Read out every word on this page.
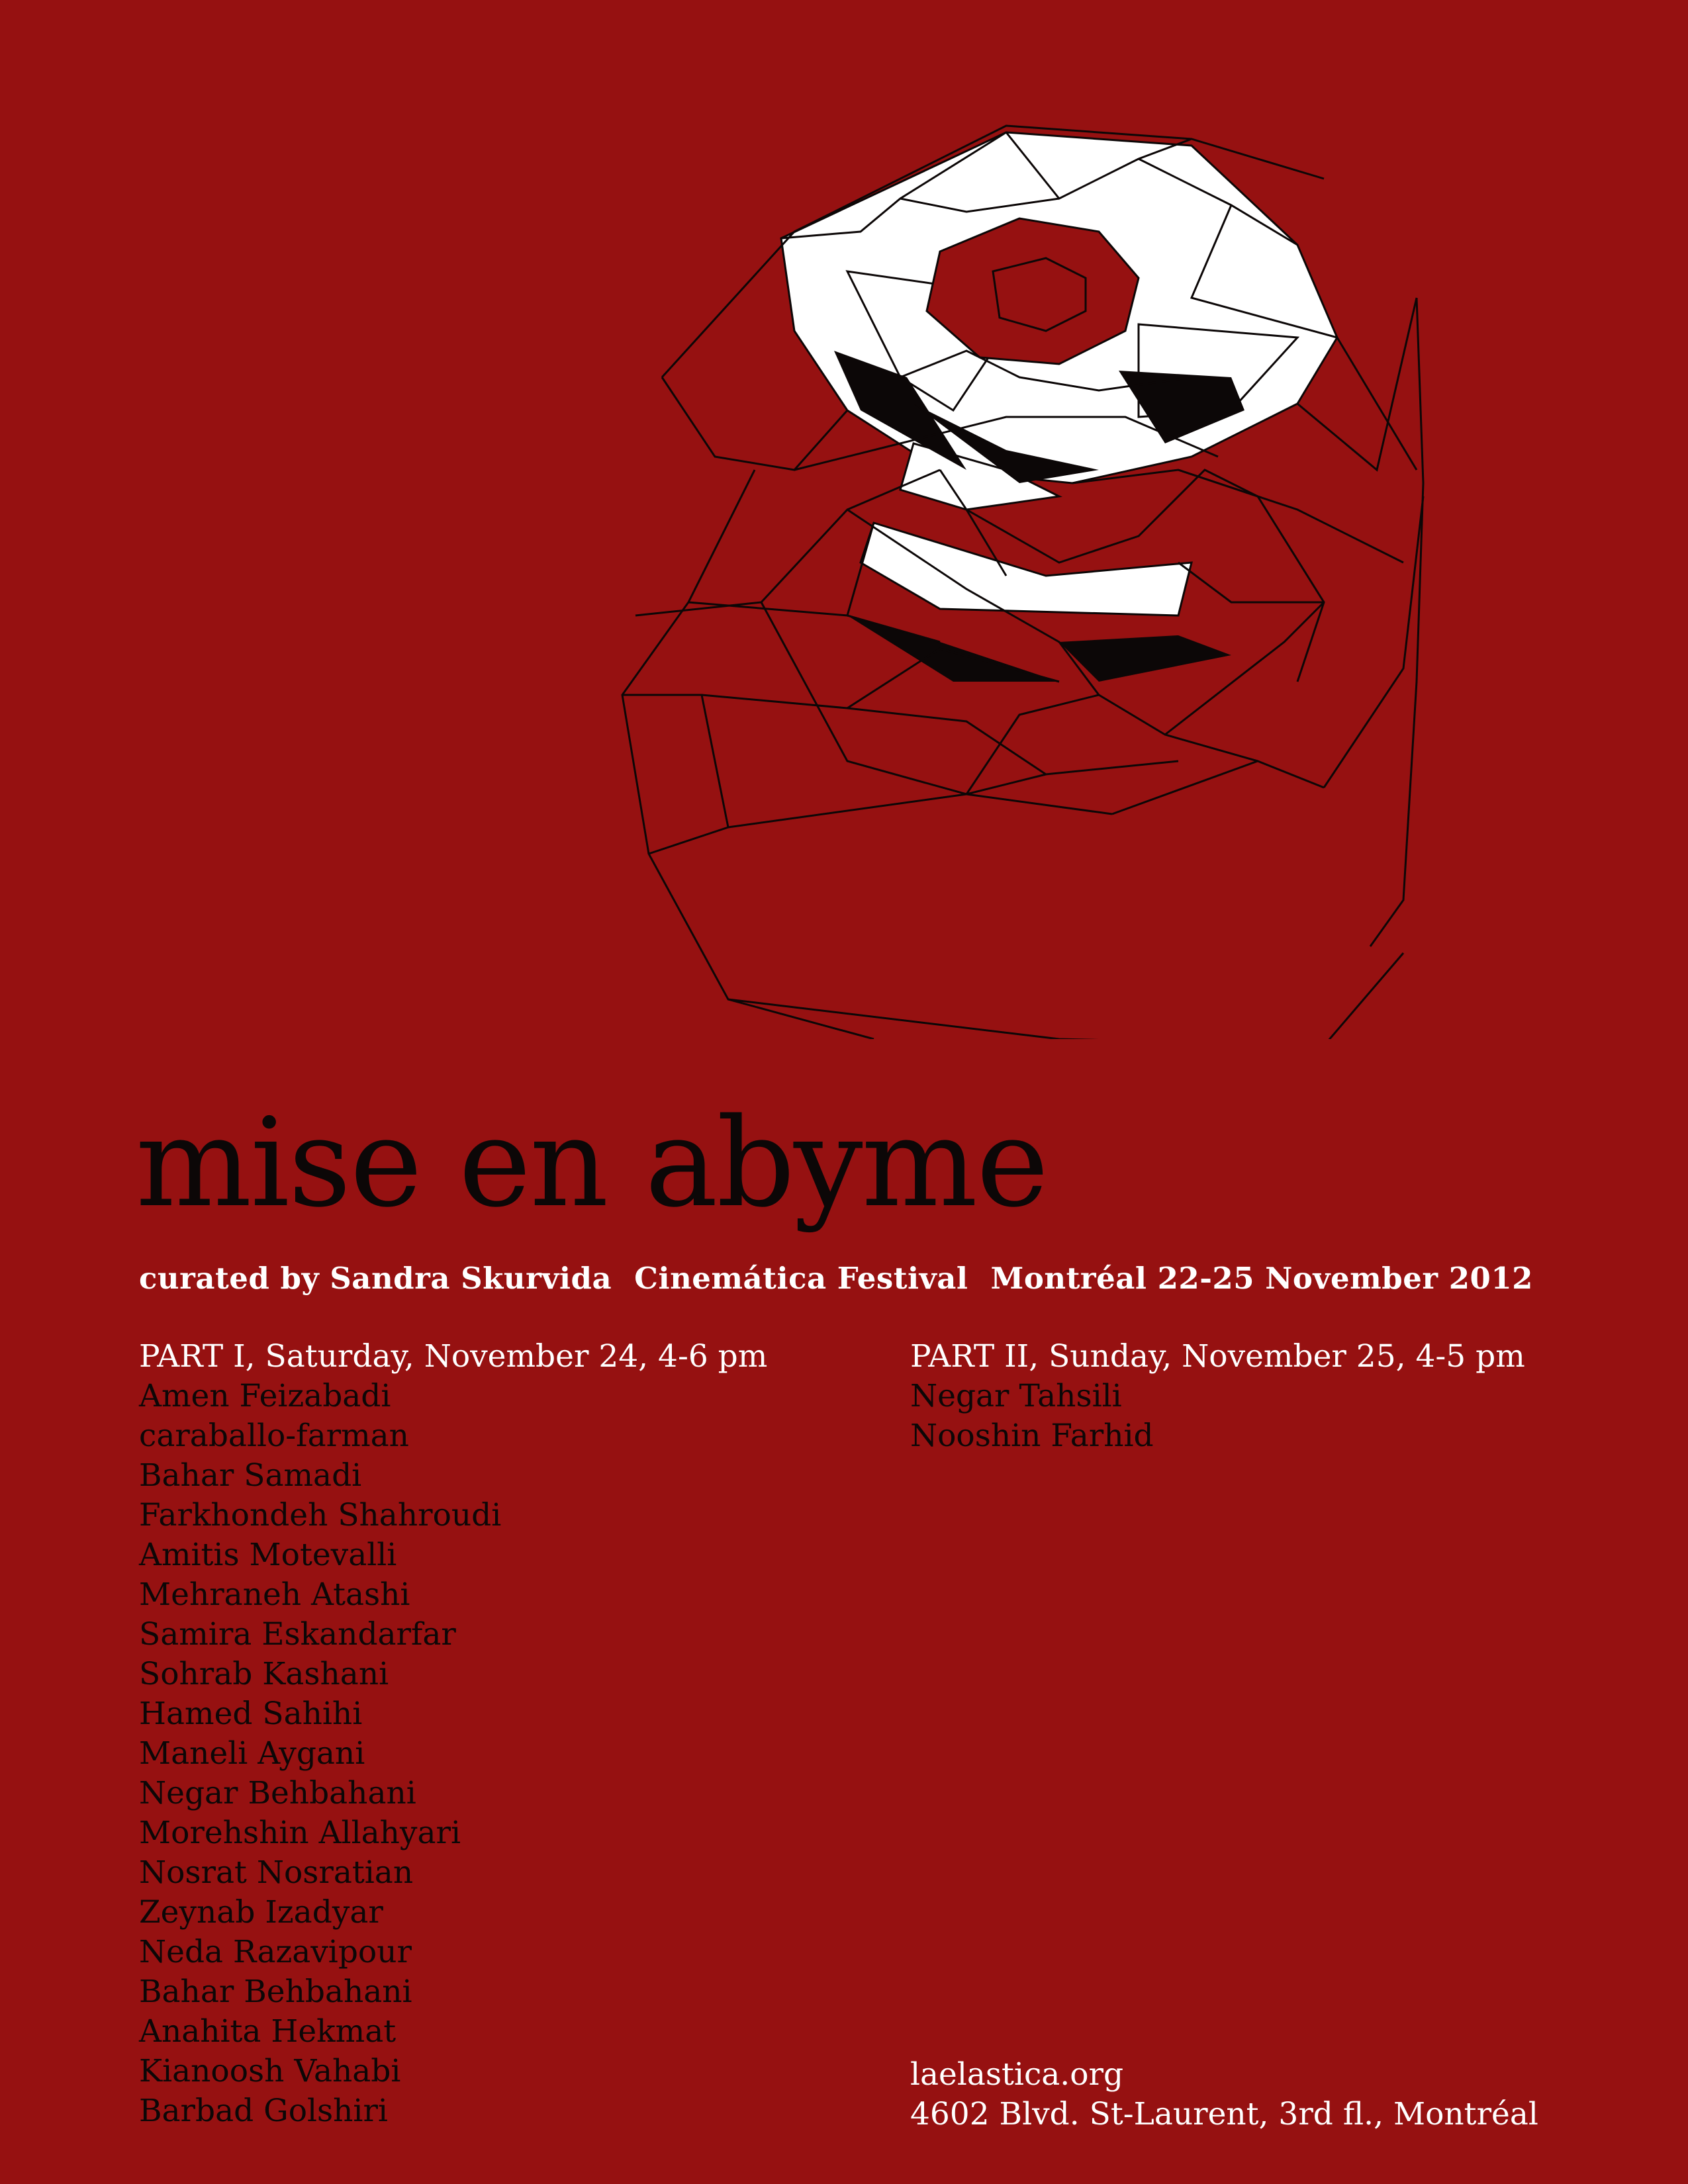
mise en abyme
curated by Sandra Skurvida Cinemática Festival Montréal 22-25 November 2012
PART I, Saturday, November 24, 4-6 pm
Amen Feizabadi
caraballo-farman
Bahar Samadi
Farkhondeh Shahroudi
Amitis Motevalli
Mehraneh Atashi
Samira Eskandarfar
Sohrab Kashani
Hamed Sahihi
Maneli Aygani
Negar Behbahani
Morehshin Allahyari
Nosrat Nosratian
Zeynab Izadyar
Neda Razavipour
Bahar Behbahani
Anahita Hekmat
Kianoosh Vahabi
Barbad Golshiri
PART II, Sunday, November 25, 4-5 pm
Negar Tahsili
Nooshin Farhid
laelastica.org
4602 Blvd. St-Laurent, 3rd fl., Montréal
